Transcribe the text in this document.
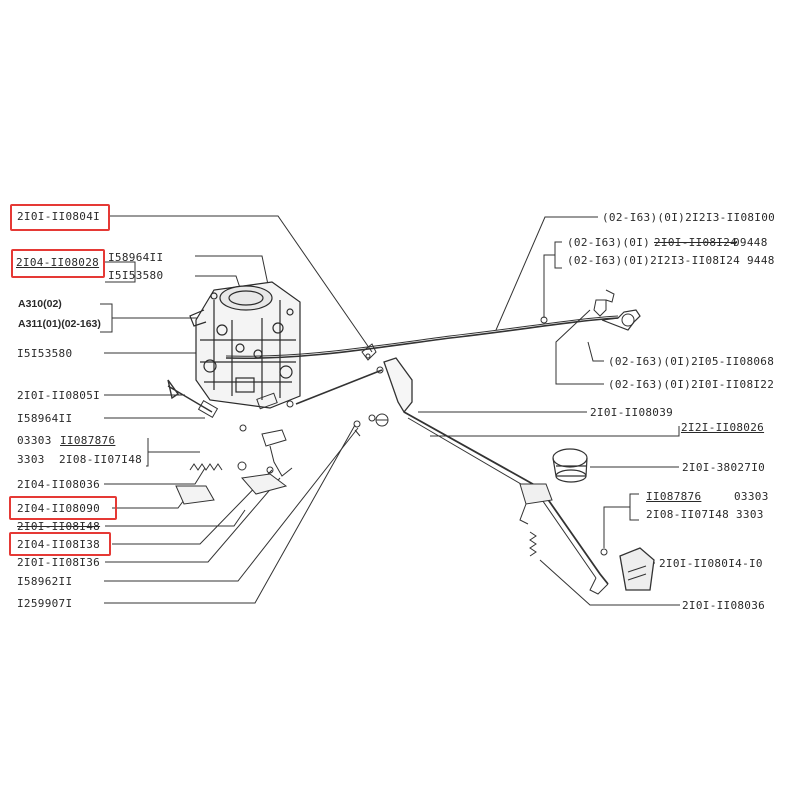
2I0I-II0804I
2I04-II08028 I58964II
I5I53580
A310(02)
A311(01)(02-163)
I5I53580
2I0I-II0805I
I58964II
03303 II087876
3303 2I08-II07I48
2I04-II08036
2I04-II08090
2I0I-II08I48
2I04-II08I38
2I0I-II08I36
I58962II
I259907I
(02-I63)(0I)2I2I3-II08I00
(02-I63)(0I) 2I0I-II08I24
09448
(02-I63)(0I)2I2I3-II08I24 9448
(02-I63)(0I)2I05-II08068
(02-I63)(0I)2I0I-II08I22
2I0I-II08039
2I2I-II08026
2I0I-38027I0
II087876	03303
2I08-II07I48 3303
2I0I-II080I4-I0
2I0I-II08036
